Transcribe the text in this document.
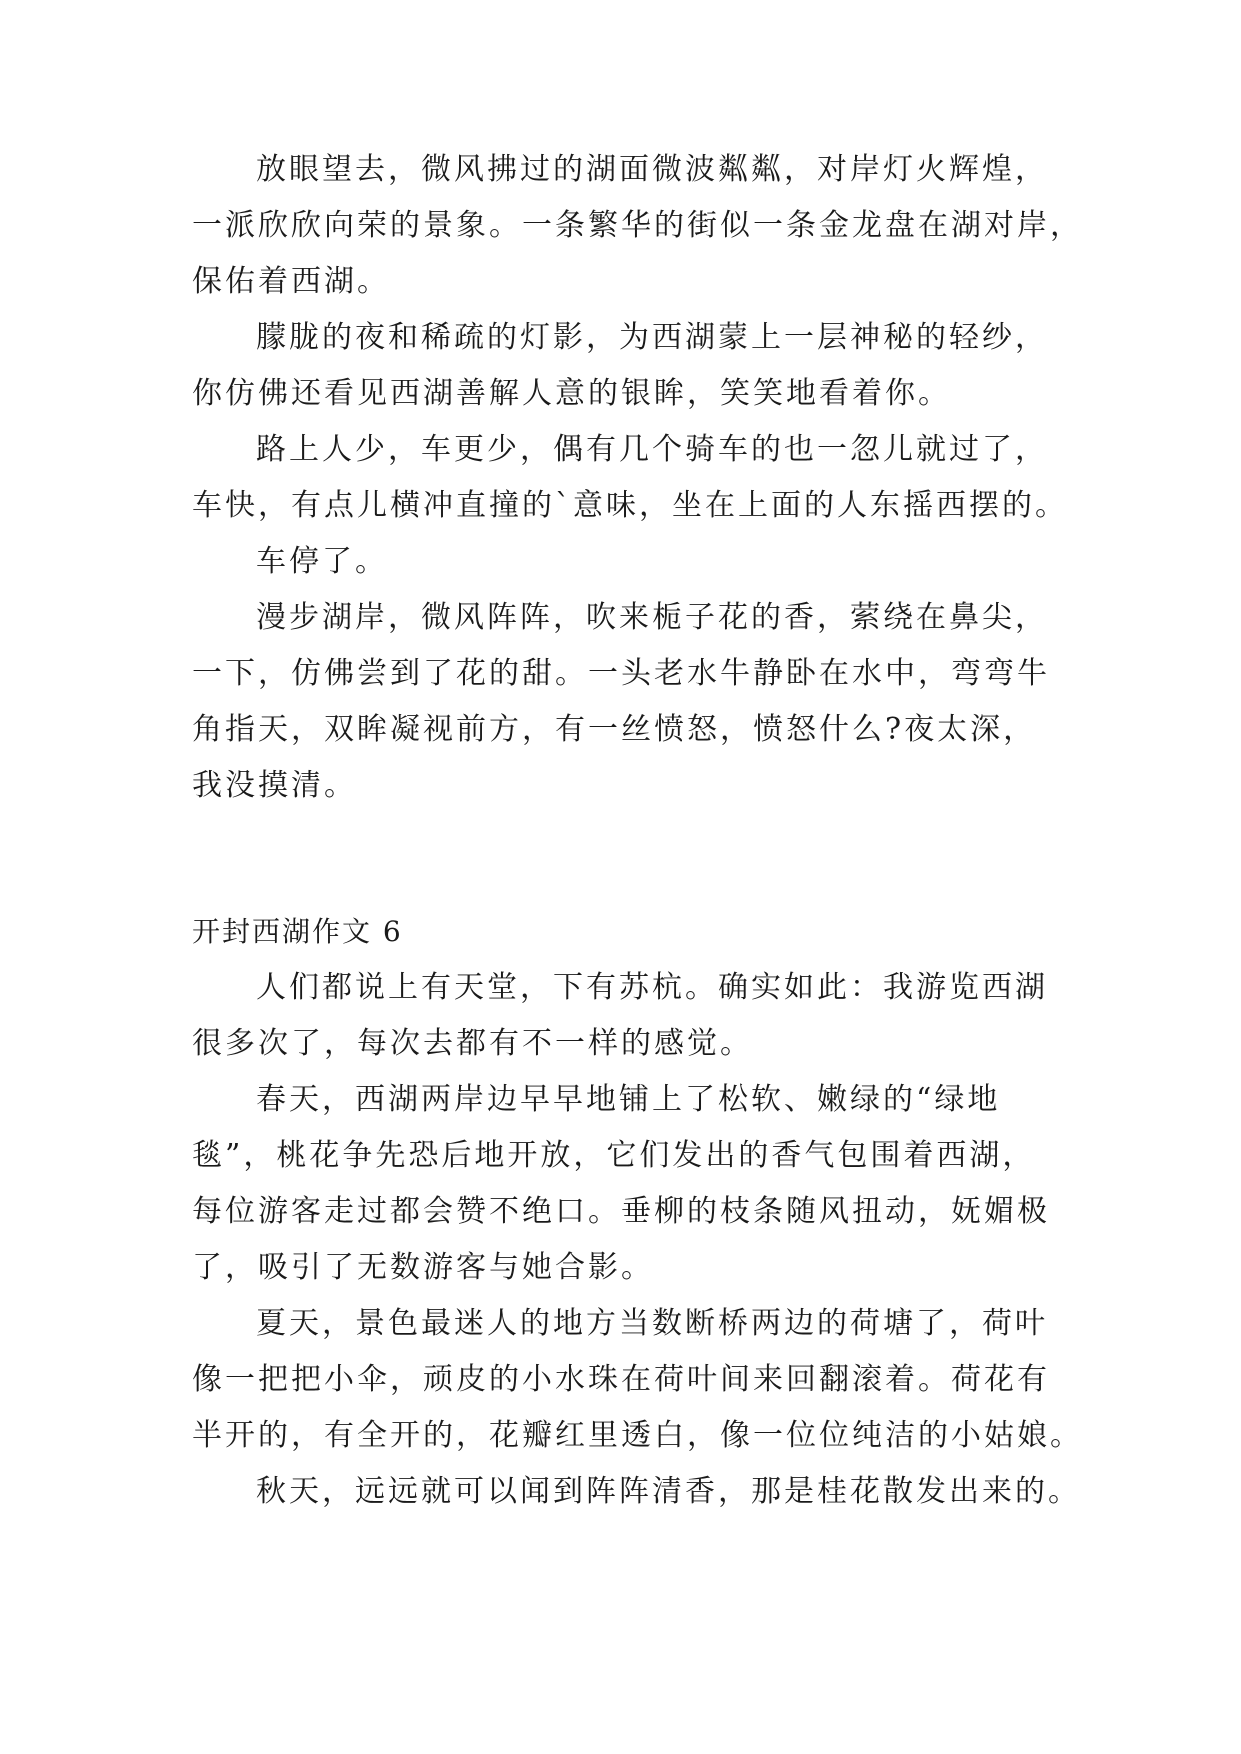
放眼望去，微风拂过的湖面微波粼粼，对岸灯火辉煌，
一派欣欣向荣的景象。一条繁华的街似一条金龙盘在湖对岸，
保佑着西湖。
朦胧的夜和稀疏的灯影，为西湖蒙上一层神秘的轻纱，
你仿佛还看见西湖善解人意的银眸，笑笑地看着你。
路上人少，车更少，偶有几个骑车的也一忽儿就过了，
车快，有点儿横冲直撞的`意味，坐在上面的人东摇西摆的。
车停了。
漫步湖岸，微风阵阵，吹来栀子花的香，萦绕在鼻尖，
一下，仿佛尝到了花的甜。一头老水牛静卧在水中，弯弯牛
角指天，双眸凝视前方，有一丝愤怒，愤怒什么?夜太深，
我没摸清。
开封西湖作文 6
人们都说上有天堂，下有苏杭。确实如此：我游览西湖
很多次了，每次去都有不一样的感觉。
春天，西湖两岸边早早地铺上了松软、嫩绿的“绿地
毯”，桃花争先恐后地开放，它们发出的香气包围着西湖，
每位游客走过都会赞不绝口。垂柳的枝条随风扭动，妩媚极
了，吸引了无数游客与她合影。
夏天，景色最迷人的地方当数断桥两边的荷塘了，荷叶
像一把把小伞，顽皮的小水珠在荷叶间来回翻滚着。荷花有
半开的，有全开的，花瓣红里透白，像一位位纯洁的小姑娘。
秋天，远远就可以闻到阵阵清香，那是桂花散发出来的。
